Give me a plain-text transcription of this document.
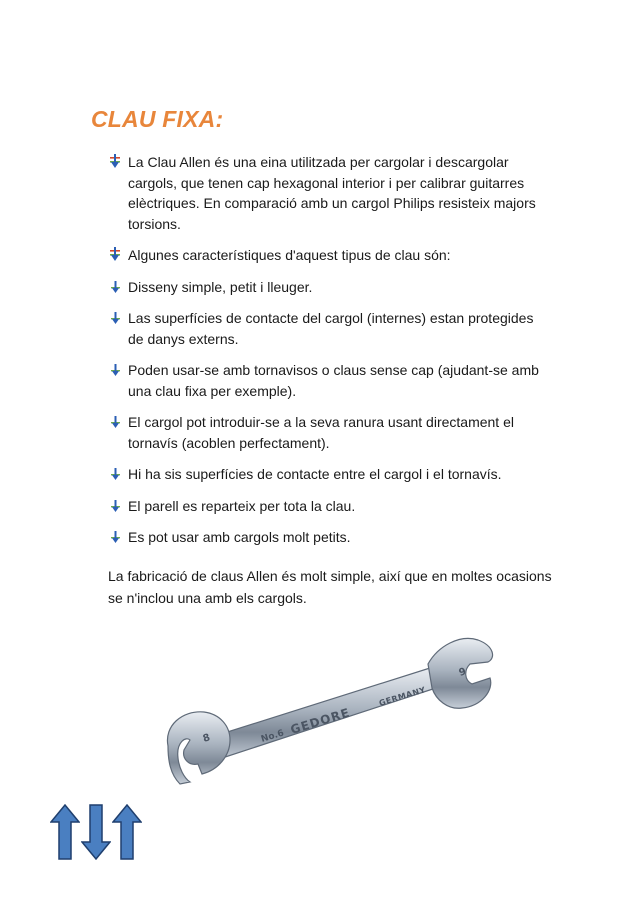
CLAU FIXA:
La Clau Allen és una eina utilitzada per cargolar i descargolar cargols, que tenen cap hexagonal interior i per calibrar guitarres elèctriques. En comparació amb un cargol Philips resisteix majors torsions.
Algunes característiques d'aquest tipus de clau són:
Disseny simple, petit i lleuger.
Las superfícies de contacte del cargol (internes) estan protegides de danys externs.
Poden usar-se amb tornavisos o claus sense cap (ajudant-se amb una clau fixa per exemple).
El cargol pot introduir-se a la seva ranura usant directament el tornavís (acoblen perfectament).
Hi ha sis superfícies de contacte entre el cargol i el tornavís.
El parell es reparteix per tota la clau.
Es pot usar amb cargols molt petits.
La fabricació de claus Allen és molt simple, així que en moltes ocasions se n'inclou una amb els cargols.
No.6 GEDORE
GERMANY
8
9
